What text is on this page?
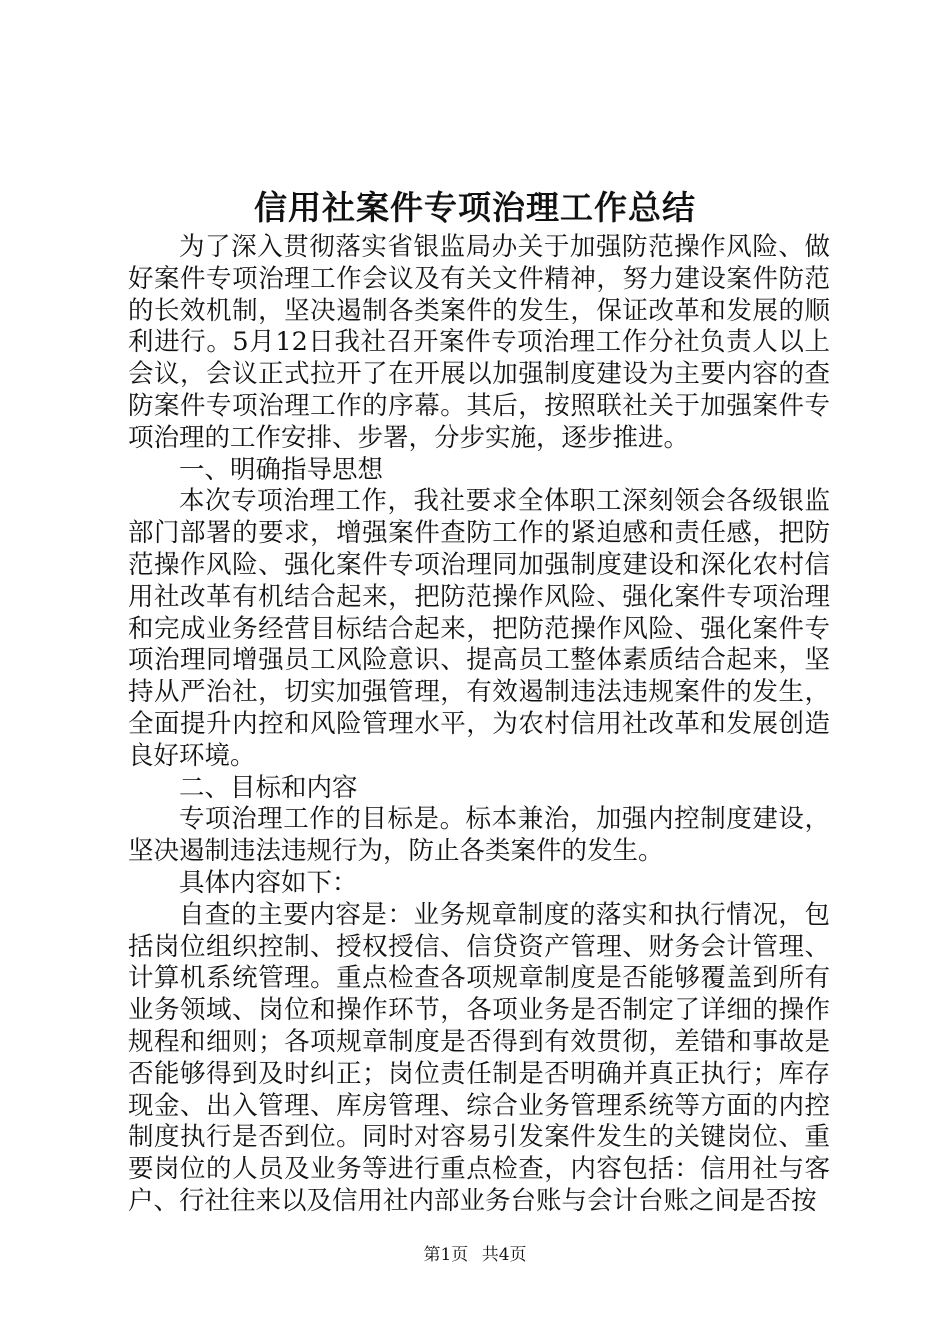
信用社案件专项治理工作总结

为了深入贯彻落实省银监局办关于加强防范操作风险、做好案件专项治理工作会议及有关文件精神，努力建设案件防范的长效机制，坚决遏制各类案件的发生，保证改革和发展的顺利进行。5月12日我社召开案件专项治理工作分社负责人以上会议，会议正式拉开了在开展以加强制度建设为主要内容的查防案件专项治理工作的序幕。其后，按照联社关于加强案件专项治理的工作安排、步署，分步实施，逐步推进。

一、明确指导思想

本次专项治理工作，我社要求全体职工深刻领会各级银监部门部署的要求，增强案件查防工作的紧迫感和责任感，把防范操作风险、强化案件专项治理同加强制度建设和深化农村信用社改革有机结合起来，把防范操作风险、强化案件专项治理和完成业务经营目标结合起来，把防范操作风险、强化案件专项治理同增强员工风险意识、提高员工整体素质结合起来，坚持从严治社，切实加强管理，有效遏制违法违规案件的发生，全面提升内控和风险管理水平，为农村信用社改革和发展创造良好环境。

二、目标和内容

专项治理工作的目标是。标本兼治，加强内控制度建设，坚决遏制违法违规行为，防止各类案件的发生。

具体内容如下：

自查的主要内容是：业务规章制度的落实和执行情况，包括岗位组织控制、授权授信、信贷资产管理、财务会计管理、计算机系统管理。重点检查各项规章制度是否能够覆盖到所有业务领域、岗位和操作环节，各项业务是否制定了详细的操作规程和细则；各项规章制度是否得到有效贯彻，差错和事故是否能够得到及时纠正；岗位责任制是否明确并真正执行；库存现金、出入管理、库房管理、综合业务管理系统等方面的内控制度执行是否到位。同时对容易引发案件发生的关键岗位、重要岗位的人员及业务等进行重点检查，内容包括：信用社与客户、行社往来以及信用社内部业务台账与会计台账之间是否按

第1页 共4页
